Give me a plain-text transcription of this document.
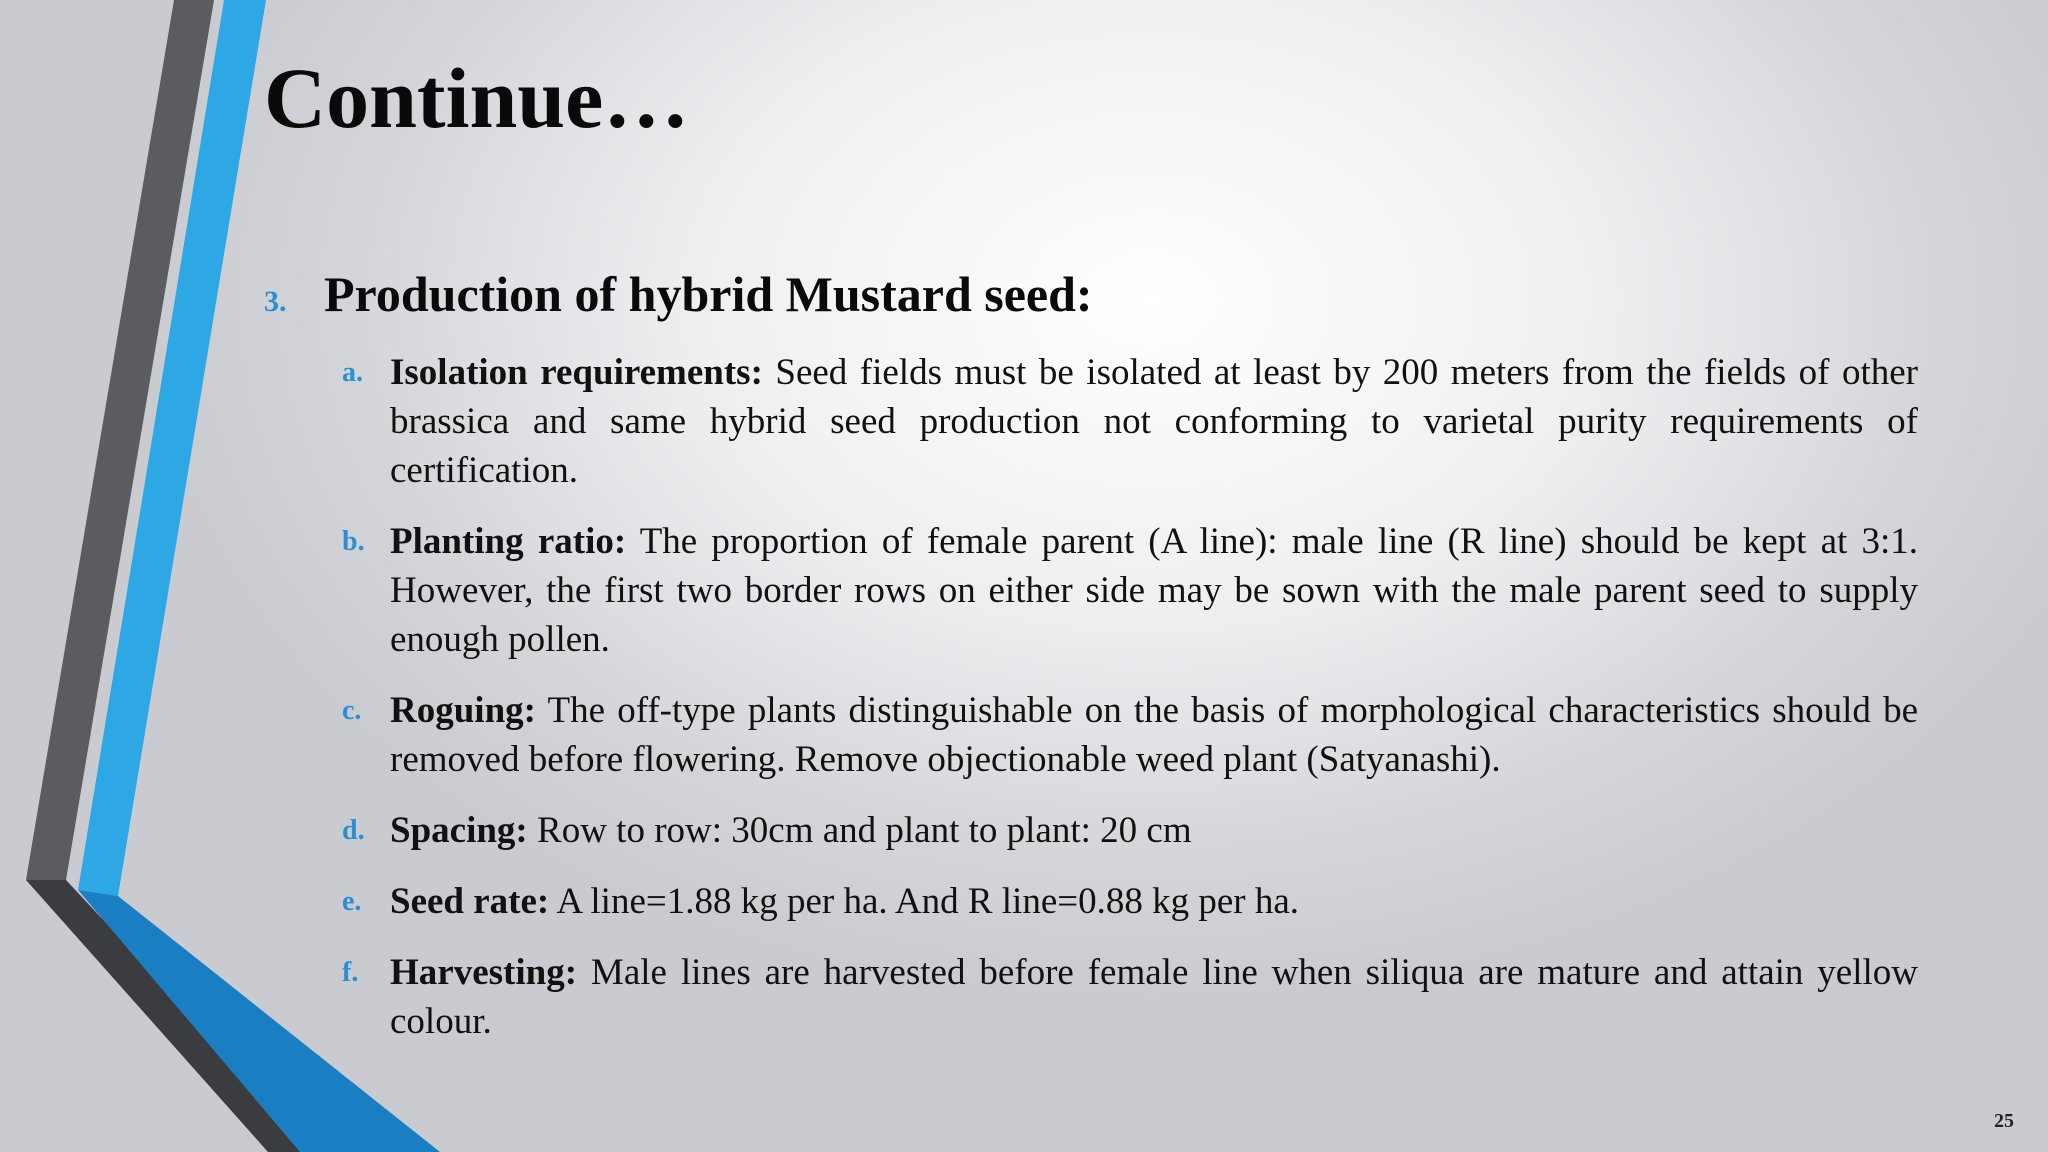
Continue…
3. Production of hybrid Mustard seed:
a. Isolation requirements: Seed fields must be isolated at least by 200 meters from the fields of other brassica and same hybrid seed production not conforming to varietal purity requirements of certification.

b. Planting ratio: The proportion of female parent (A line): male line (R line) should be kept at 3:1. However, the first two border rows on either side may be sown with the male parent seed to supply enough pollen.

c. Roguing: The off-type plants distinguishable on the basis of morphological characteristics should be removed before flowering. Remove objectionable weed plant (Satyanashi).

d. Spacing: Row to row: 30cm and plant to plant: 20 cm

e. Seed rate: A line=1.88 kg per ha. And R line=0.88 kg per ha.

f. Harvesting: Male lines are harvested before female line when siliqua are mature and attain yellow colour.

25
